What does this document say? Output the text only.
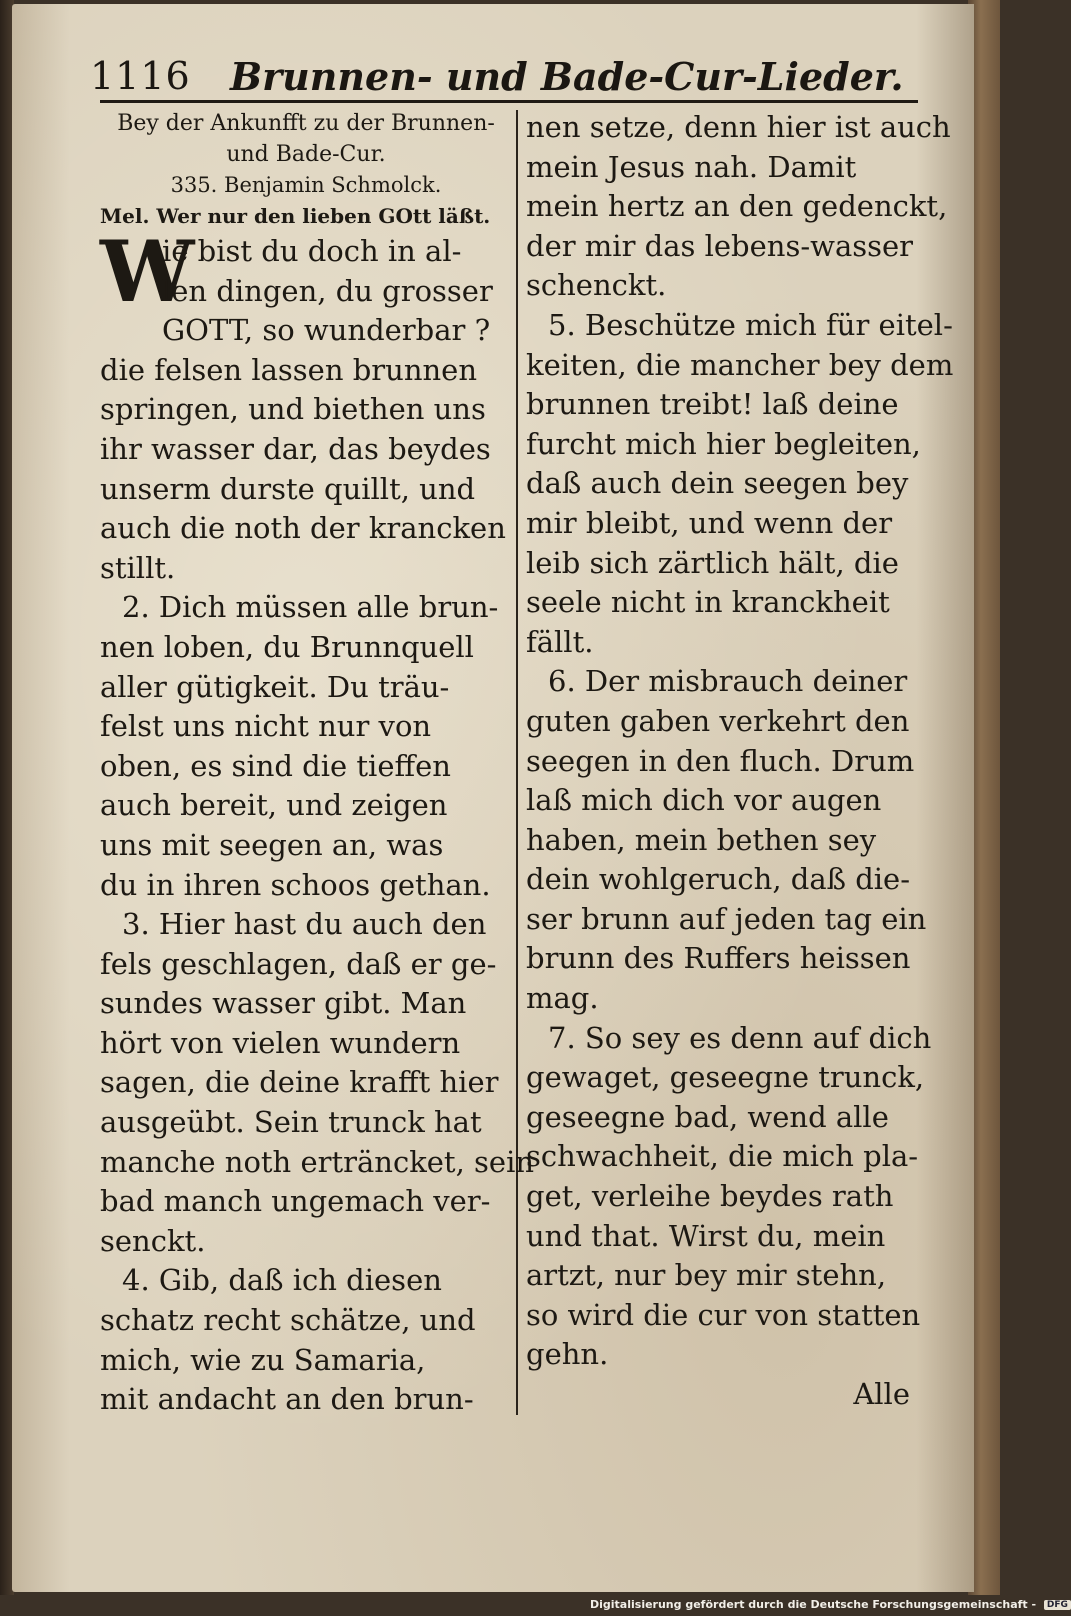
1116 Brunnen- und Bade-Cur-Lieder.
Bey der Ankunfft zu der Brunnen-
und Bade-Cur.
335. Benjamin Schmolck.
Mel. Wer nur den lieben GOtt läßt.
W
ie bist du doch in al-
len dingen, du grosser
GOTT, so wunderbar ?
die felsen lassen brunnen
springen, und biethen uns
ihr wasser dar, das beydes
unserm durste quillt, und
auch die noth der krancken
stillt.
2. Dich müssen alle brun-
nen loben, du Brunnquell
aller gütigkeit. Du träu-
felst uns nicht nur von
oben, es sind die tieffen
auch bereit, und zeigen
uns mit seegen an, was
du in ihren schoos gethan.
3. Hier hast du auch den
fels geschlagen, daß er ge-
sundes wasser gibt. Man
hört von vielen wundern
sagen, die deine krafft hier
ausgeübt. Sein trunck hat
manche noth erträncket, sein
bad manch ungemach ver-
senckt.
4. Gib, daß ich diesen
schatz recht schätze, und
mich, wie zu Samaria,
mit andacht an den brun-
nen setze, denn hier ist auch
mein Jesus nah. Damit
mein hertz an den gedenckt,
der mir das lebens-wasser
schenckt.
5. Beschütze mich für eitel-
keiten, die mancher bey dem
brunnen treibt! laß deine
furcht mich hier begleiten,
daß auch dein seegen bey
mir bleibt, und wenn der
leib sich zärtlich hält, die
seele nicht in kranckheit
fällt.
6. Der misbrauch deiner
guten gaben verkehrt den
seegen in den fluch. Drum
laß mich dich vor augen
haben, mein bethen sey
dein wohlgeruch, daß die-
ser brunn auf jeden tag ein
brunn des Ruffers heissen
mag.
7. So sey es denn auf dich
gewaget, geseegne trunck,
geseegne bad, wend alle
schwachheit, die mich pla-
get, verleihe beydes rath
und that. Wirst du, mein
artzt, nur bey mir stehn,
so wird die cur von statten
gehn.
Alle
Digitalisierung gefördert durch die Deutsche Forschungsgemeinschaft - DFG
